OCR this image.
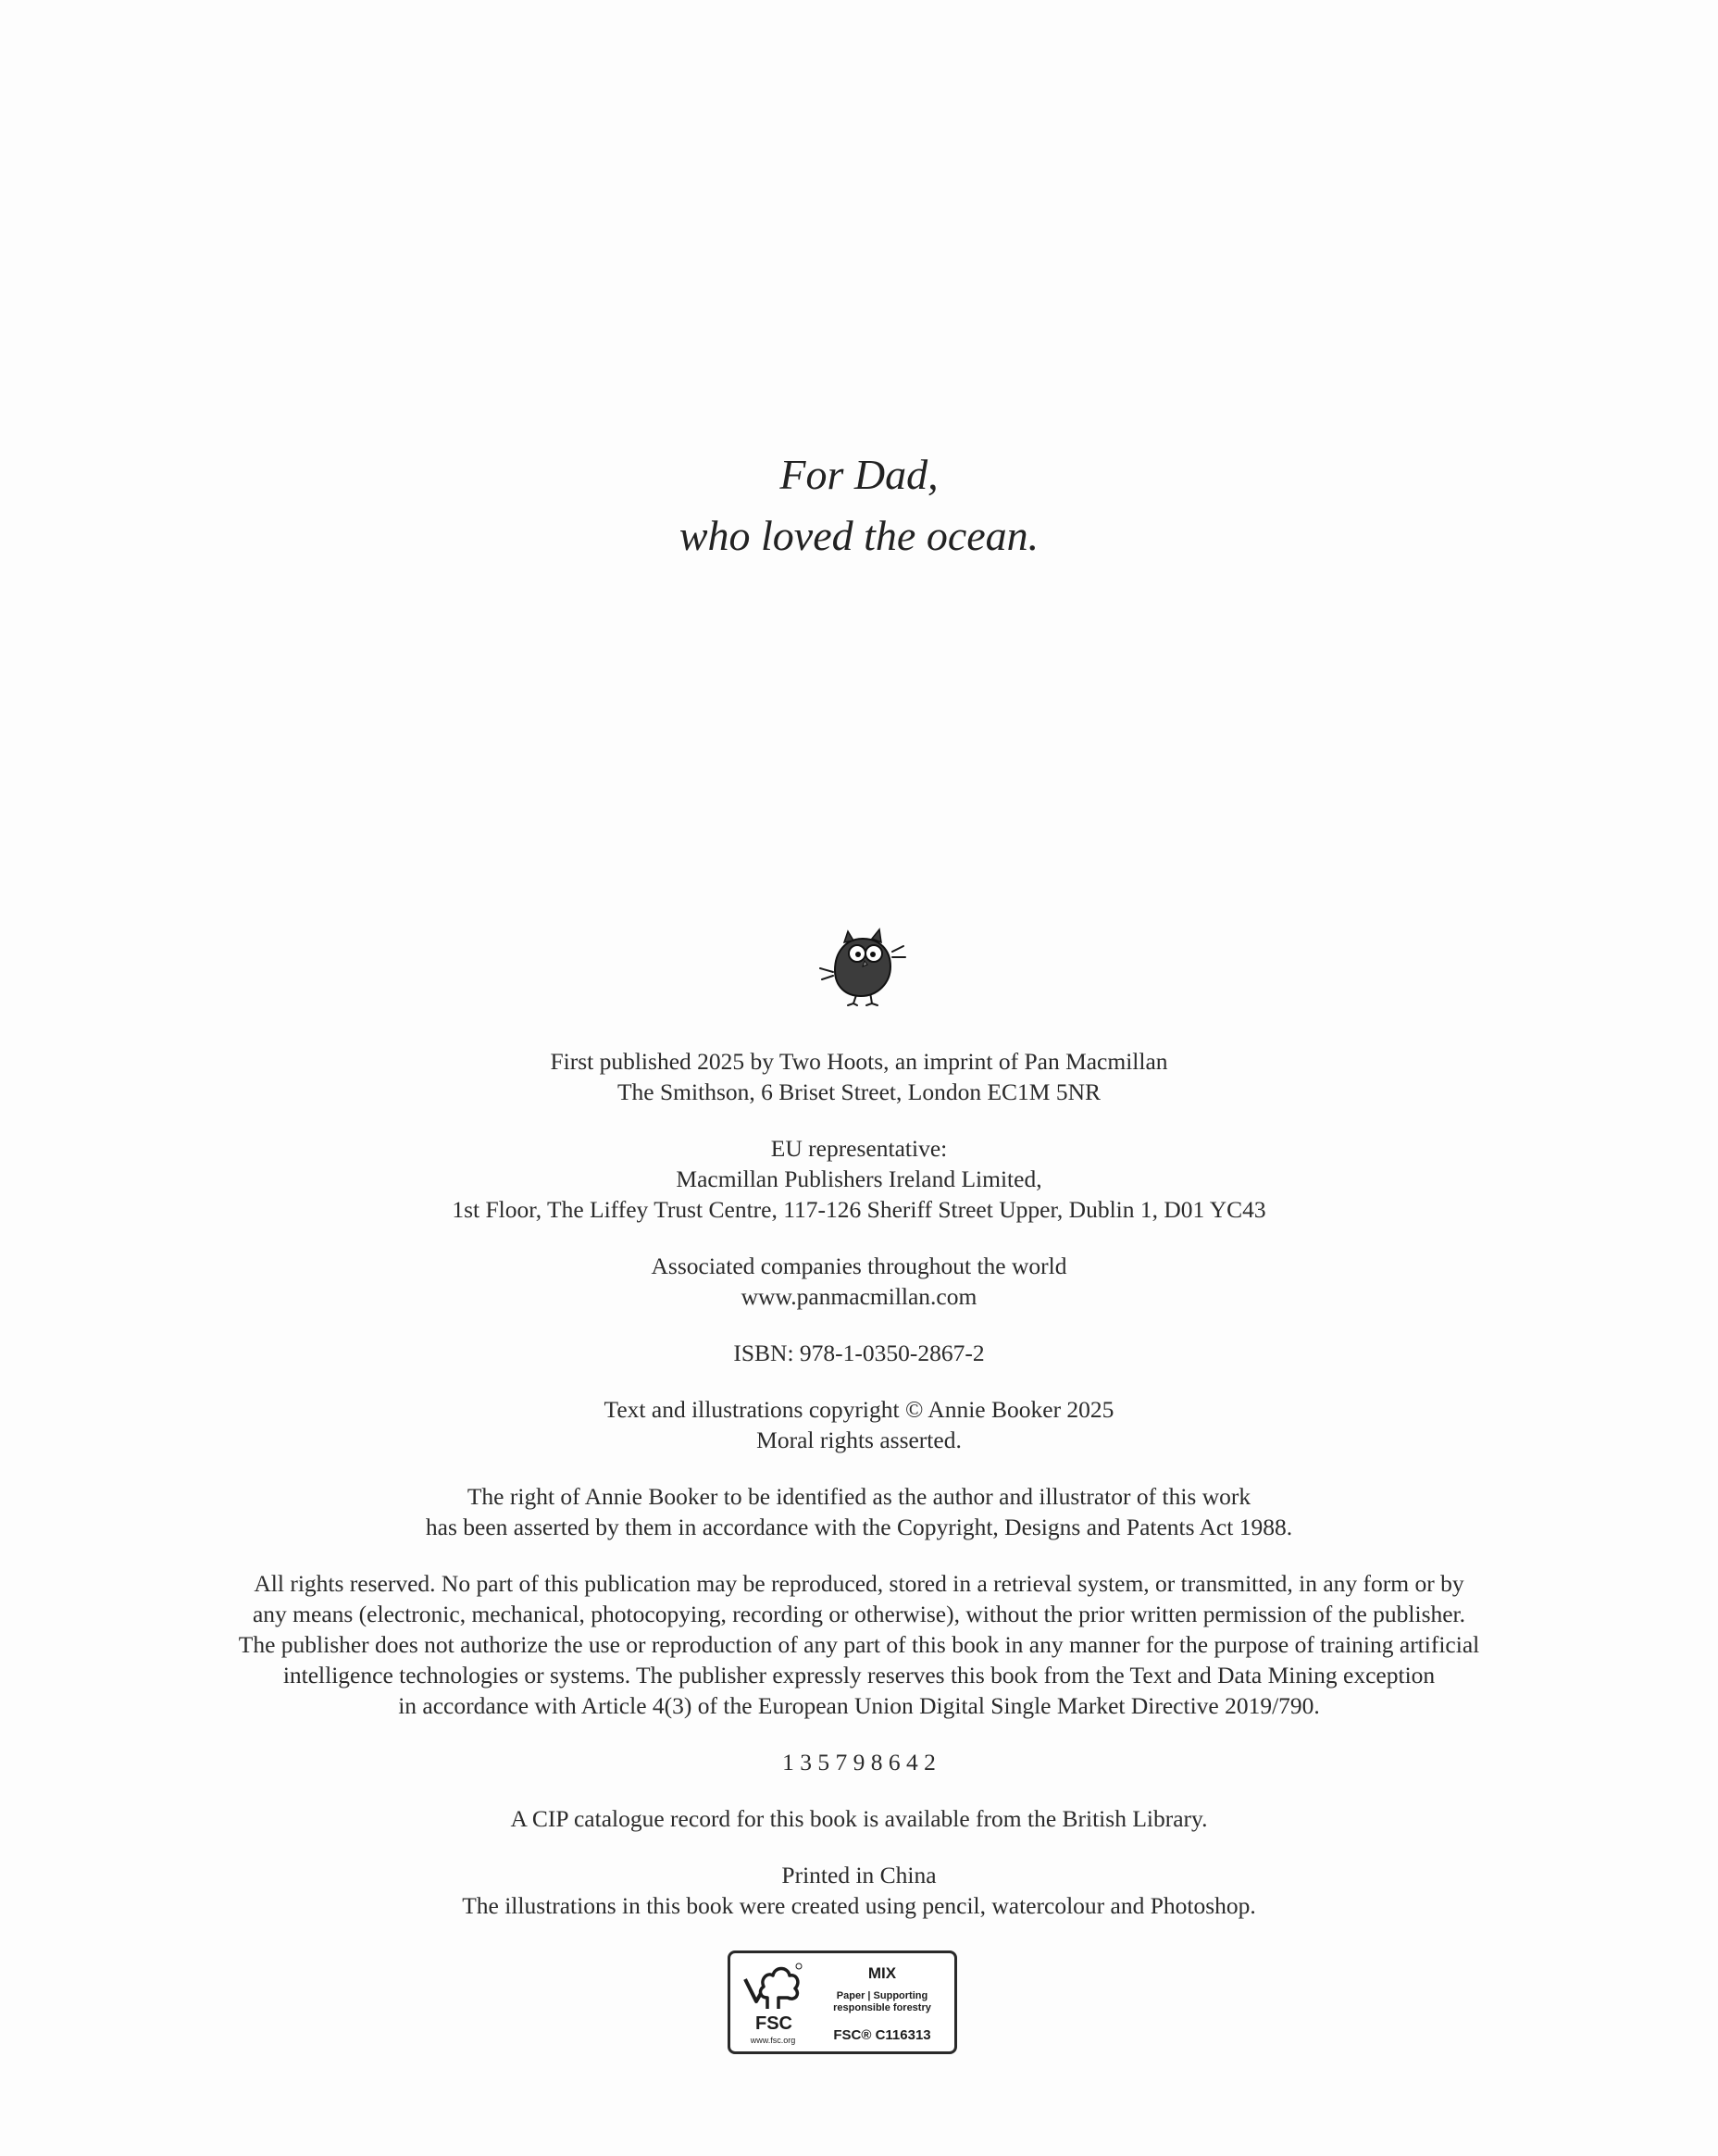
For Dad,
who loved the ocean.
First published 2025 by Two Hoots, an imprint of Pan Macmillan
The Smithson, 6 Briset Street, London EC1M 5NR
EU representative:
Macmillan Publishers Ireland Limited,
1st Floor, The Liffey Trust Centre, 117-126 Sheriff Street Upper, Dublin 1, D01 YC43
Associated companies throughout the world
www.panmacmillan.com
ISBN: 978-1-0350-2867-2
Text and illustrations copyright © Annie Booker 2025
Moral rights asserted.
The right of Annie Booker to be identified as the author and illustrator of this work
has been asserted by them in accordance with the Copyright, Designs and Patents Act 1988.
All rights reserved. No part of this publication may be reproduced, stored in a retrieval system, or transmitted, in any form or by
any means (electronic, mechanical, photocopying, recording or otherwise), without the prior written permission of the publisher.
The publisher does not authorize the use or reproduction of any part of this book in any manner for the purpose of training artificial
intelligence technologies or systems. The publisher expressly reserves this book from the Text and Data Mining exception
in accordance with Article 4(3) of the European Union Digital Single Market Directive 2019/790.
1 3 5 7 9 8 6 4 2
A CIP catalogue record for this book is available from the British Library.
Printed in China
The illustrations in this book were created using pencil, watercolour and Photoshop.
FSC
www.fsc.org
MIX
Paper | Supporting
responsible forestry
FSC® C116313
